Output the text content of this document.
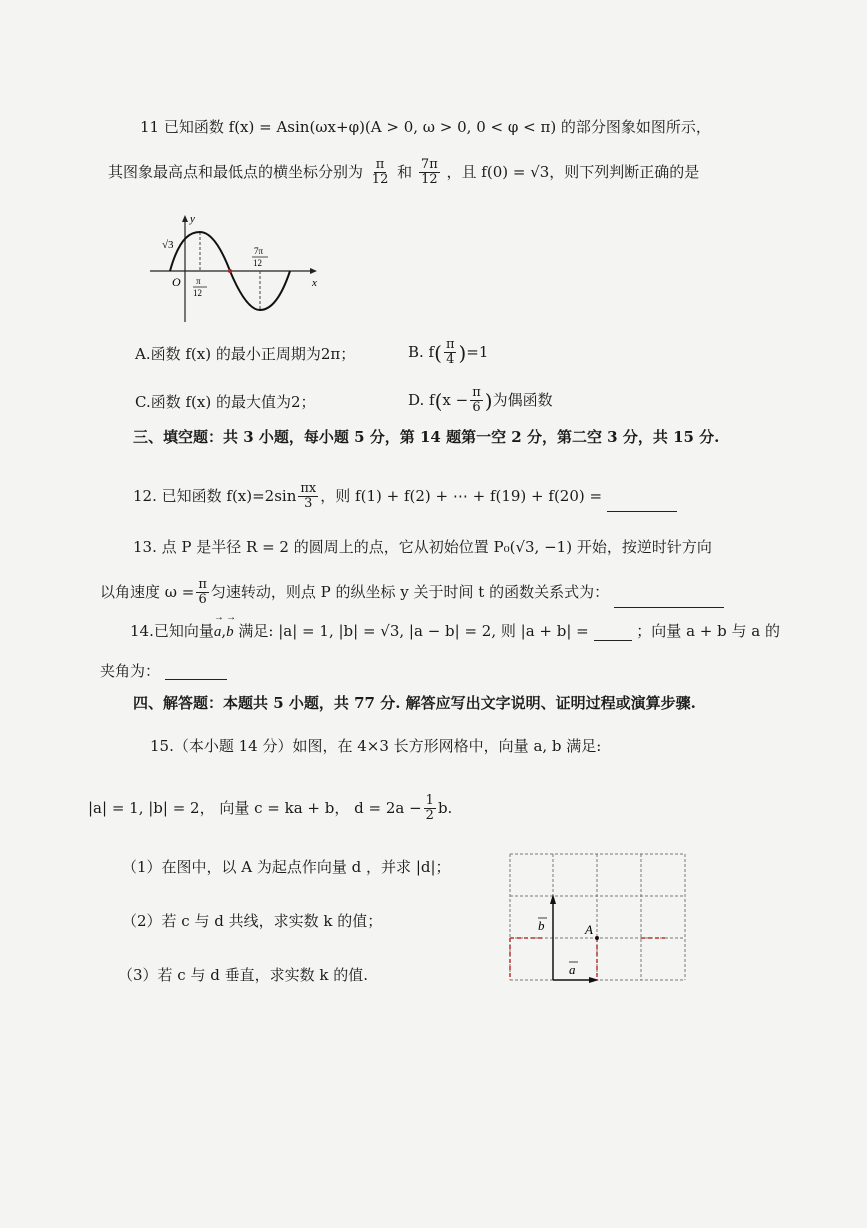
11 已知函数 f(x) = Asin(ωx+φ)(A > 0, ω > 0, 0 < φ < π) 的部分图象如图所示，
其图象最高点和最低点的横坐标分别为 $\frac{\pi}{12}$ 和 $\frac{7\pi}{12}$ ，且 f(0) = √3，则下列判断正确的是
y
x
O
√3
π
12
7π
12
A.函数 f(x) 的最小正周期为2π；	B. $f( \frac{\pi}{4} )=1$
C.函数 f(x) 的最大值为2；	D. $f(x - \frac{\pi}{6}$ )为偶函数
三、填空题：共 3 小题，每小题 5 分，第 14 题第一空 2 分，第二空 3 分，共 15 分.
12. 已知函数 $f(x)=2\sin \frac{\pi x}{3}$ ，则 f(1) + f(2) + ⋯ + f(19) + f(20) =
13. 点 P 是半径 R = 2 的圆周上的点，它从初始位置 P₀(√3, −1) 开始，按逆时针方向
以角速度 $\omega = \frac{\pi}{6}$ 匀速转动，则点 P 的纵坐标 y 关于时间 t 的函数关系式为：
14.已知向量→ a,→ b 满足: |a| = 1, |b| = √3, |a − b| = 2, 则 |a + b| =	；向量 a + b 与 a 的
夹角为：
四、解答题：本题共 5 小题，共 77 分. 解答应写出文字说明、证明过程或演算步骤.
15.（本小题 14 分）如图，在 4×3 长方形网格中，向量 a, b 满足:
|a| = 1, |b| = 2， 向量 c = ka + b， $d = 2a - \frac{1}{2} b$.
（1）在图中，以 A 为起点作向量 d ，并求 |d|；
（2）若 c 与 d 共线，求实数 k 的值；
（3）若 c 与 d 垂直，求实数 k 的值.
b
a
A
